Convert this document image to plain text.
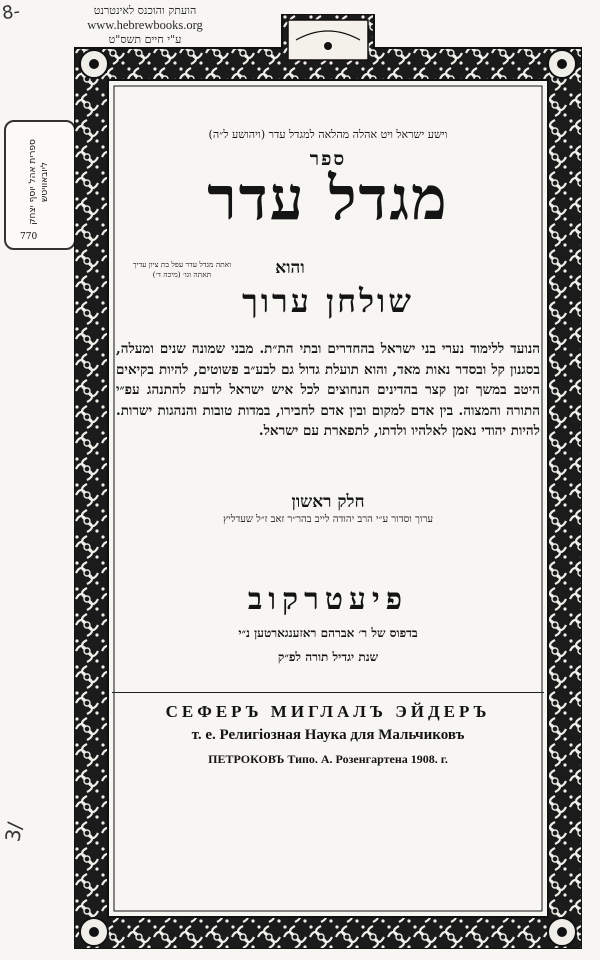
הועתק והוכנס לאינטרנט
www.hebrewbooks.org
ע"י חיים תשס"ט
8-
3/
ספרית אהל יוסף יצחק ליובאוויטש
770
וישע ישראל ויט אהלה מהלאה למגדל עדר (ויהושע ל״ה)
ספר
מגדל עדר
ואתה מגדל עדר עפל בת ציון עדיך תאתה וגו׳ (מיכה ד׳)	והוא
שולחן ערוך
הנועד ללימוד נערי בני ישראל בהחדרים ובתי הת״ת. מבני שמונה שנים ומעלה, בסגנון קל ובסדר נאות מאד, והוא תועלת גדול גם לבע״ב פשוטים, להיות בקיאים היטב במשך זמן קצר בהדינים הנחוצים לכל איש ישראל לדעת להתנהג עפ״י התורה והמצוה. בין אדם למקום ובין אדם לחבירו, במדות טובות והנהגות ישרות. להיות יהודי נאמן לאלהיו ולדתו, לתפארת עם ישראל.
חלק ראשון
ערוך וסדור ע״י הרב יהודה לייב בהר״ר זאב ז״ל שעדליץ
פיעטרקוב
בדפוס של ר׳ אברהם ראזענגארטען נ״י
שנת יגדיל תורה לפ״ק
СЕФЕРЪ МИГЛАЛЪ ЭЙДЕРЪ
т. е. Религiозная Наука для Мальчиковъ
ПЕТРОКОВЪ Типо. А. Розенгартена 1908. г.
